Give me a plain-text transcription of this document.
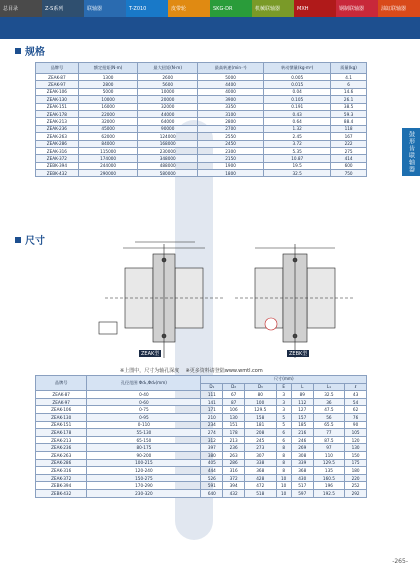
总目录	Z-S系列	联轴器	T-Z010	皮带轮	SKG-DR	机械联轴器	MXH	钢制联轴器	油缸联轴器
规格
品牌号	额定扭矩(N·m)	最大扭矩(N·m)	最高转速(min⁻¹)	转动惯量(kg·m²)	质量(kg)
ZEAK-87	1300	2600	5000	0.005	4.1
ZEAK-97	2800	5600	4400	0.015	6
ZEAK-106	5000	10000	4000	0.04	14.6
ZEAK-130	10000	20000	3900	0.105	26.1
ZEAK-151	16000	32000	3350	0.191	38.5
ZEAK-178	22000	44000	3100	0.43	59.3
ZEAK-213	32000	64000	2800	0.64	88.4
ZEAK-236	45000	90000	2700	1.32	118
ZEAK-263	62000	124000	2550	2.45	167
ZEAK-286	84000	168000	2450	3.72	222
ZEAK-316	115000	230000	2300	5.35	275
ZEAK-372	174000	348000	2150	10.87	414
ZEBK-394	244000	488000	1900	19.5	600
ZEBK-432	290000	580000	1800	32.5	750
鼓形齿联轴器
尺寸
ZEAK型	ZEBK型
※上图中，尺寸为轴孔深度 ※更多资料请登陆www.wmtl.com
品牌号	孔径范围 Φd₁,Φd₂(mm)	尺寸(mm)						
		D₁	D₂	D₃	E	L	L₁	ℓ
ZEAK-87	0-40	111	67	80	3	89	32.5	43
ZEAK-97	0-60	141	87	100	3	112	36	54
ZEAK-106	0-75	171	106	129.5	3	127	47.5	62
ZEAK-130	0-95	210	130	158	5	157	56	76
ZEAK-151	0-110	234	151	181	5	185	65.5	90
ZEAK-178	55-130	274	178	208	6	216	77	105
ZEAK-213	65-150	312	213	245	6	246	87.5	120
ZEAK-236	80-175	397	236	273	8	269	97	130
ZEAK-263	90-200	380	263	307	8	308	110	150
ZEAK-286	100-215	405	286	338	8	339	129.5	175
ZEAK-316	120-240	444	316	368	8	368	135	180
ZEAK-372	150-275	526	372	428	10	430	160.5	220
ZEBK-394	170-290	591	394	472	10	517	196	252
ZEBK-432	230-320	640	432	518	10	597	192.5	292
-265-
